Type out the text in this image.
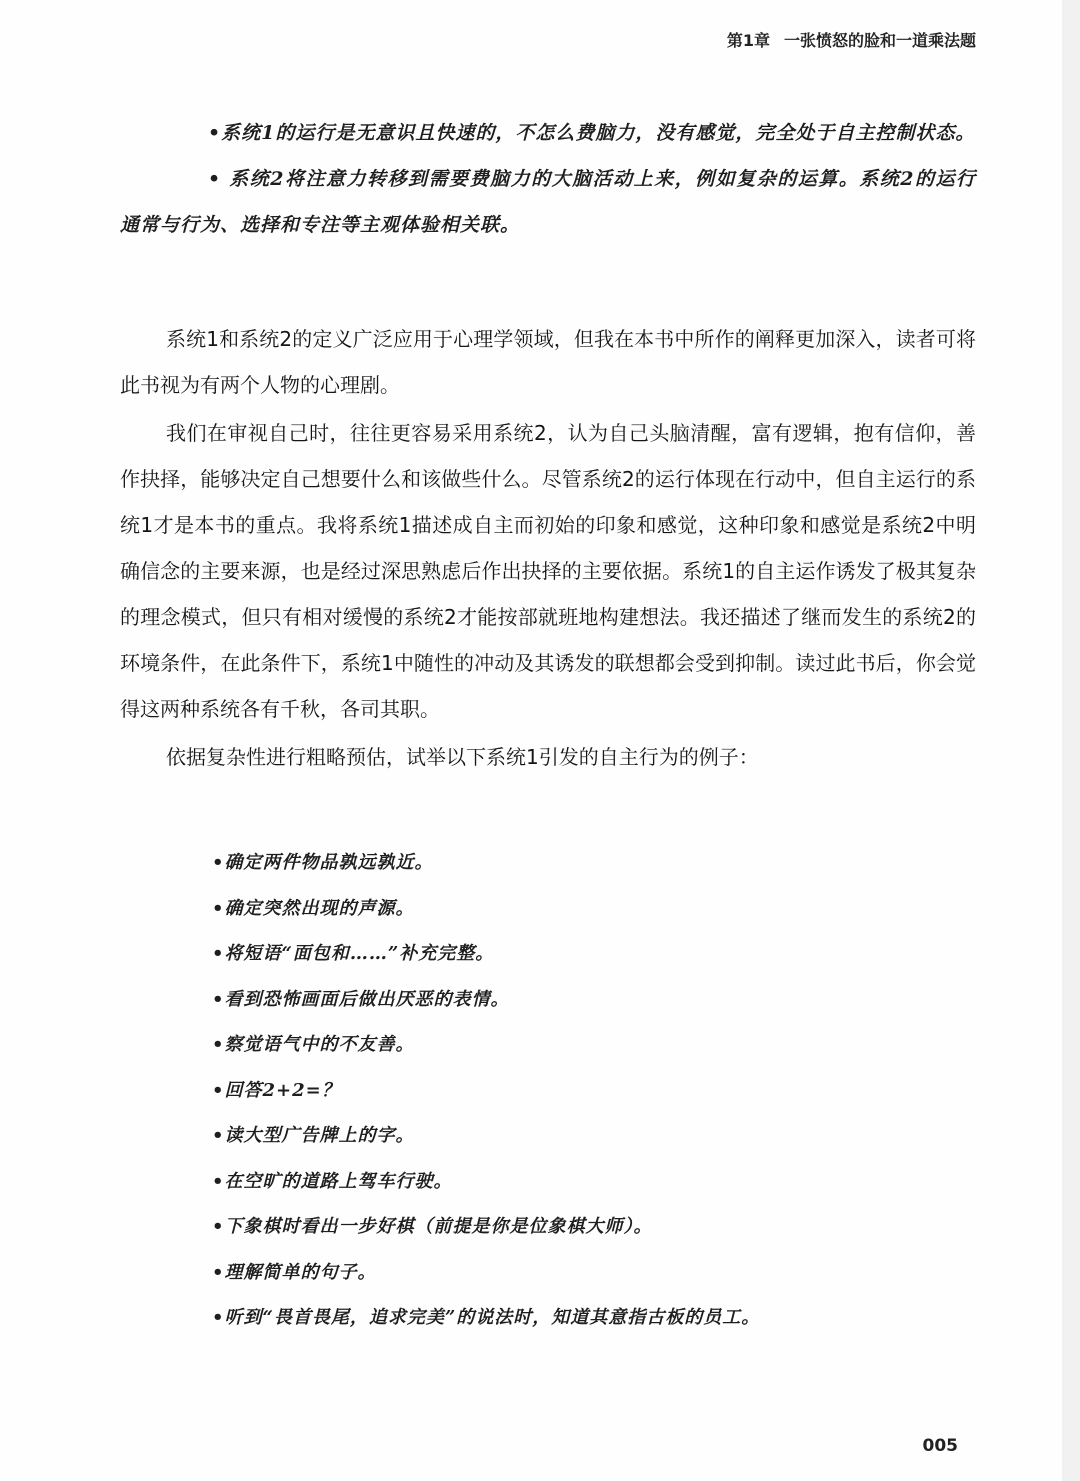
第1章 一张愤怒的脸和一道乘法题

•系统1的运行是无意识且快速的，不怎么费脑力，没有感觉，完全处于自主控制状态。

• 系统2将注意力转移到需要费脑力的大脑活动上来，例如复杂的运算。系统2的运行通常与行为、选择和专注等主观体验相关联。

系统1和系统2的定义广泛应用于心理学领域，但我在本书中所作的阐释更加深入，读者可将此书视为有两个人物的心理剧。

我们在审视自己时，往往更容易采用系统2，认为自己头脑清醒，富有逻辑，抱有信仰，善作抉择，能够决定自己想要什么和该做些什么。尽管系统2的运行体现在行动中，但自主运行的系统1才是本书的重点。我将系统1描述成自主而初始的印象和感觉，这种印象和感觉是系统2中明确信念的主要来源，也是经过深思熟虑后作出抉择的主要依据。系统1的自主运作诱发了极其复杂的理念模式，但只有相对缓慢的系统2才能按部就班地构建想法。我还描述了继而发生的系统2的环境条件，在此条件下，系统1中随性的冲动及其诱发的联想都会受到抑制。读过此书后，你会觉得这两种系统各有千秋，各司其职。

依据复杂性进行粗略预估，试举以下系统1引发的自主行为的例子：

•确定两件物品孰远孰近。
•确定突然出现的声源。
•将短语“面包和……”补充完整。
•看到恐怖画面后做出厌恶的表情。
•察觉语气中的不友善。
•回答2+2=？
•读大型广告牌上的字。
•在空旷的道路上驾车行驶。
•下象棋时看出一步好棋（前提是你是位象棋大师）。
•理解简单的句子。
•听到“畏首畏尾，追求完美”的说法时，知道其意指古板的员工。
005
